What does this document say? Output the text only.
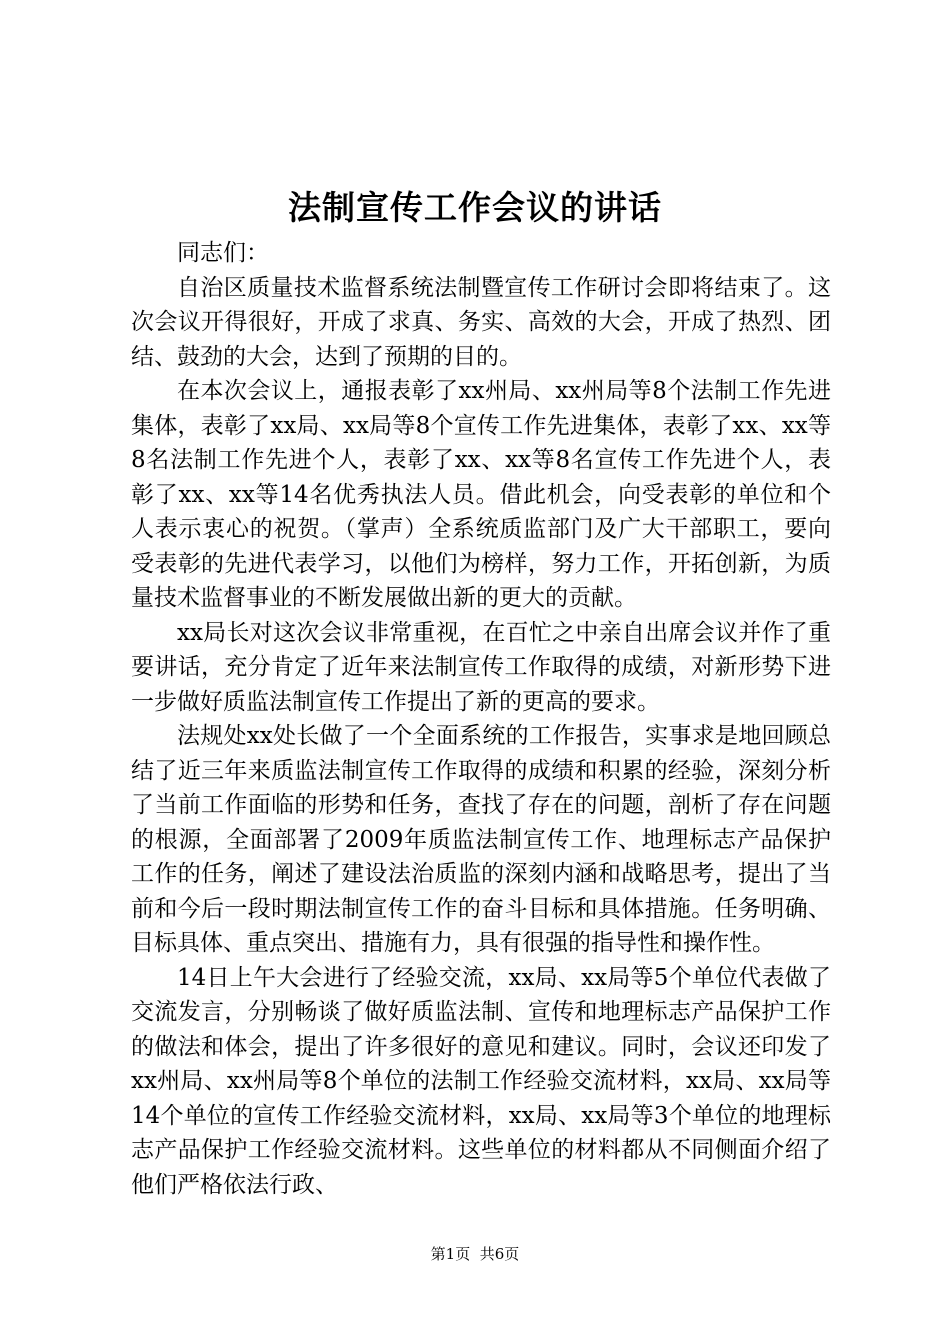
法制宣传工作会议的讲话

同志们：

自治区质量技术监督系统法制暨宣传工作研讨会即将结束了。这次会议开得很好，开成了求真、务实、高效的大会，开成了热烈、团结、鼓劲的大会，达到了预期的目的。

在本次会议上，通报表彰了xx州局、xx州局等8个法制工作先进集体，表彰了xx局、xx局等8个宣传工作先进集体，表彰了xx、xx等8名法制工作先进个人，表彰了xx、xx等8名宣传工作先进个人，表彰了xx、xx等14名优秀执法人员。借此机会，向受表彰的单位和个人表示衷心的祝贺。（掌声）全系统质监部门及广大干部职工，要向受表彰的先进代表学习，以他们为榜样，努力工作，开拓创新，为质量技术监督事业的不断发展做出新的更大的贡献。

xx局长对这次会议非常重视，在百忙之中亲自出席会议并作了重要讲话，充分肯定了近年来法制宣传工作取得的成绩，对新形势下进一步做好质监法制宣传工作提出了新的更高的要求。

法规处xx处长做了一个全面系统的工作报告，实事求是地回顾总结了近三年来质监法制宣传工作取得的成绩和积累的经验，深刻分析了当前工作面临的形势和任务，查找了存在的问题，剖析了存在问题的根源，全面部署了2009年质监法制宣传工作、地理标志产品保护工作的任务，阐述了建设法治质监的深刻内涵和战略思考，提出了当前和今后一段时期法制宣传工作的奋斗目标和具体措施。任务明确、目标具体、重点突出、措施有力，具有很强的指导性和操作性。

14日上午大会进行了经验交流，xx局、xx局等5个单位代表做了交流发言，分别畅谈了做好质监法制、宣传和地理标志产品保护工作的做法和体会，提出了许多很好的意见和建议。同时，会议还印发了xx州局、xx州局等8个单位的法制工作经验交流材料，xx局、xx局等14个单位的宣传工作经验交流材料，xx局、xx局等3个单位的地理标志产品保护工作经验交流材料。这些单位的材料都从不同侧面介绍了他们严格依法行政、

第1页 共6页
